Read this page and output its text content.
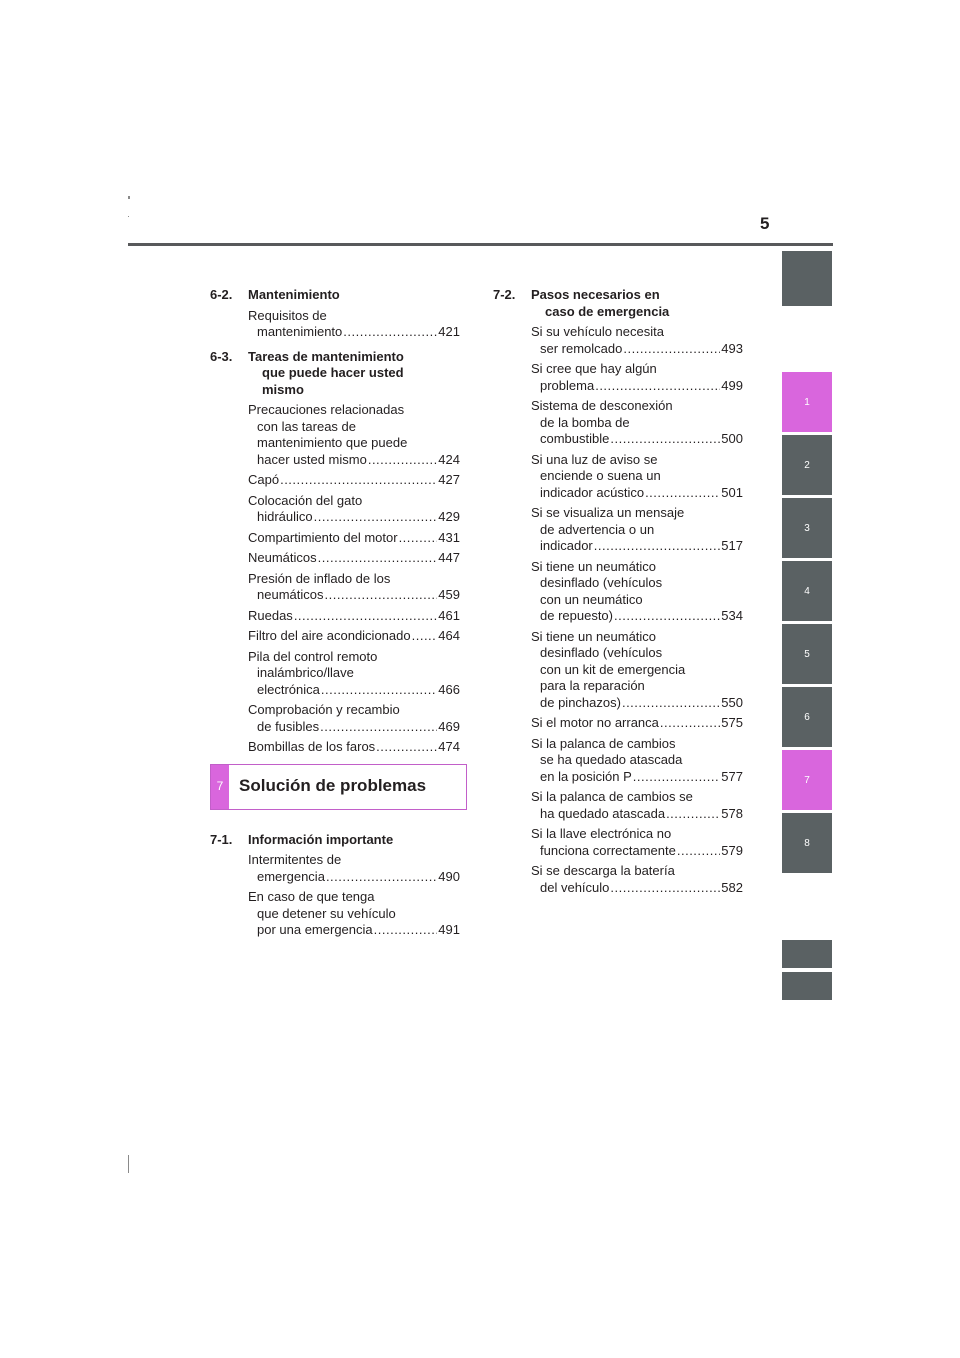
5
6-2. Mantenimiento
Requisitos de
mantenimiento .....	421
6-3. Tareas de mantenimiento
que puede hacer usted
mismo
Precauciones relacionadas
con las tareas de
mantenimiento que puede
hacer usted mismo .....	424
Capó .....	427
Colocación del gato
hidráulico .....	429
Compartimiento del motor .....	431
Neumáticos .....	447
Presión de inflado de los
neumáticos .....	459
Ruedas .....	461
Filtro del aire acondicionado ..... 464
Pila del control remoto
inalámbrico/llave
electrónica .....	466
Comprobación y recambio
de fusibles .....	469
Bombillas de los faros .....	474
7 Solución de problemas
7-1. Información importante
Intermitentes de
emergencia .....	490
En caso de que tenga
que detener su vehículo
por una emergencia .....	491
7-2. Pasos necesarios en
caso de emergencia
Si su vehículo necesita
ser remolcado .....	493
Si cree que hay algún
problema .....	499
Sistema de desconexión
de la bomba de
combustible .....	500
Si una luz de aviso se
enciende o suena un
indicador acústico .....	501
Si se visualiza un mensaje
de advertencia o un
indicador .....	517
Si tiene un neumático
desinflado (vehículos
con un neumático
de repuesto) .....	534
Si tiene un neumático
desinflado (vehículos
con un kit de emergencia
para la reparación
de pinchazos) .....	550
Si el motor no arranca .....	575
Si la palanca de cambios
se ha quedado atascada
en la posición P .....	577
Si la palanca de cambios se
ha quedado atascada .....	578
Si la llave electrónica no
funciona correctamente .....	579
Si se descarga la batería
del vehículo .....	582
1
2
3
4
5
6
7
8
